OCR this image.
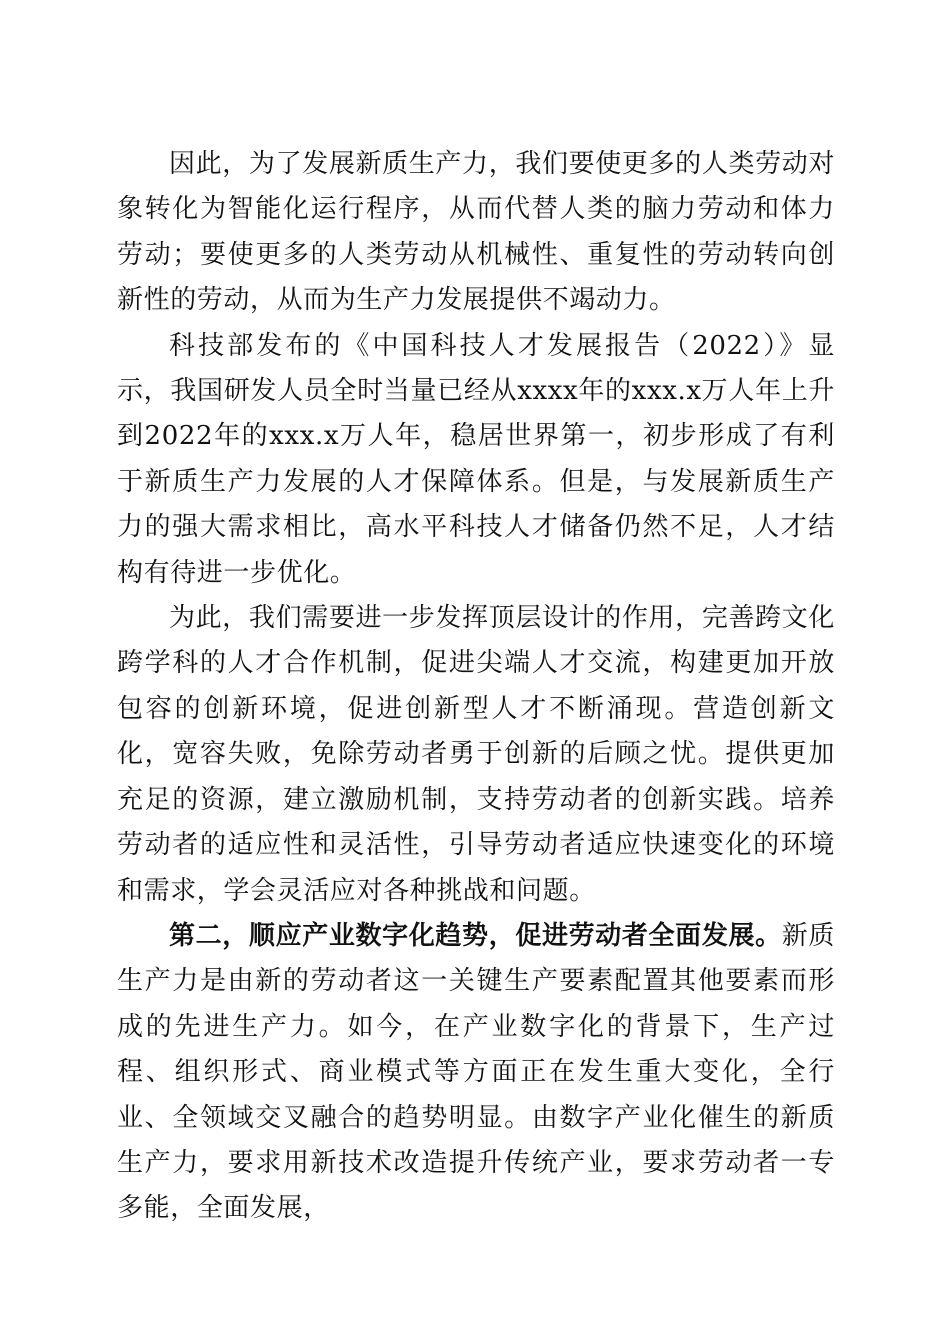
因此，为了发展新质生产力，我们要使更多的人类劳动对象转化为智能化运行程序，从而代替人类的脑力劳动和体力劳动；要使更多的人类劳动从机械性、重复性的劳动转向创新性的劳动，从而为生产力发展提供不竭动力。

科技部发布的《中国科技人才发展报告（2022）》显示，我国研发人员全时当量已经从xxxx年的xxx.x万人年上升到2022年的xxx.x万人年，稳居世界第一，初步形成了有利于新质生产力发展的人才保障体系。但是，与发展新质生产力的强大需求相比，高水平科技人才储备仍然不足，人才结构有待进一步优化。

为此，我们需要进一步发挥顶层设计的作用，完善跨文化跨学科的人才合作机制，促进尖端人才交流，构建更加开放包容的创新环境，促进创新型人才不断涌现。营造创新文化，宽容失败，免除劳动者勇于创新的后顾之忧。提供更加充足的资源，建立激励机制，支持劳动者的创新实践。培养劳动者的适应性和灵活性，引导劳动者适应快速变化的环境和需求，学会灵活应对各种挑战和问题。

第二，顺应产业数字化趋势，促进劳动者全面发展。新质生产力是由新的劳动者这一关键生产要素配置其他要素而形成的先进生产力。如今，在产业数字化的背景下，生产过程、组织形式、商业模式等方面正在发生重大变化，全行业、全领域交叉融合的趋势明显。由数字产业化催生的新质生产力，要求用新技术改造提升传统产业，要求劳动者一专多能，全面发展，
